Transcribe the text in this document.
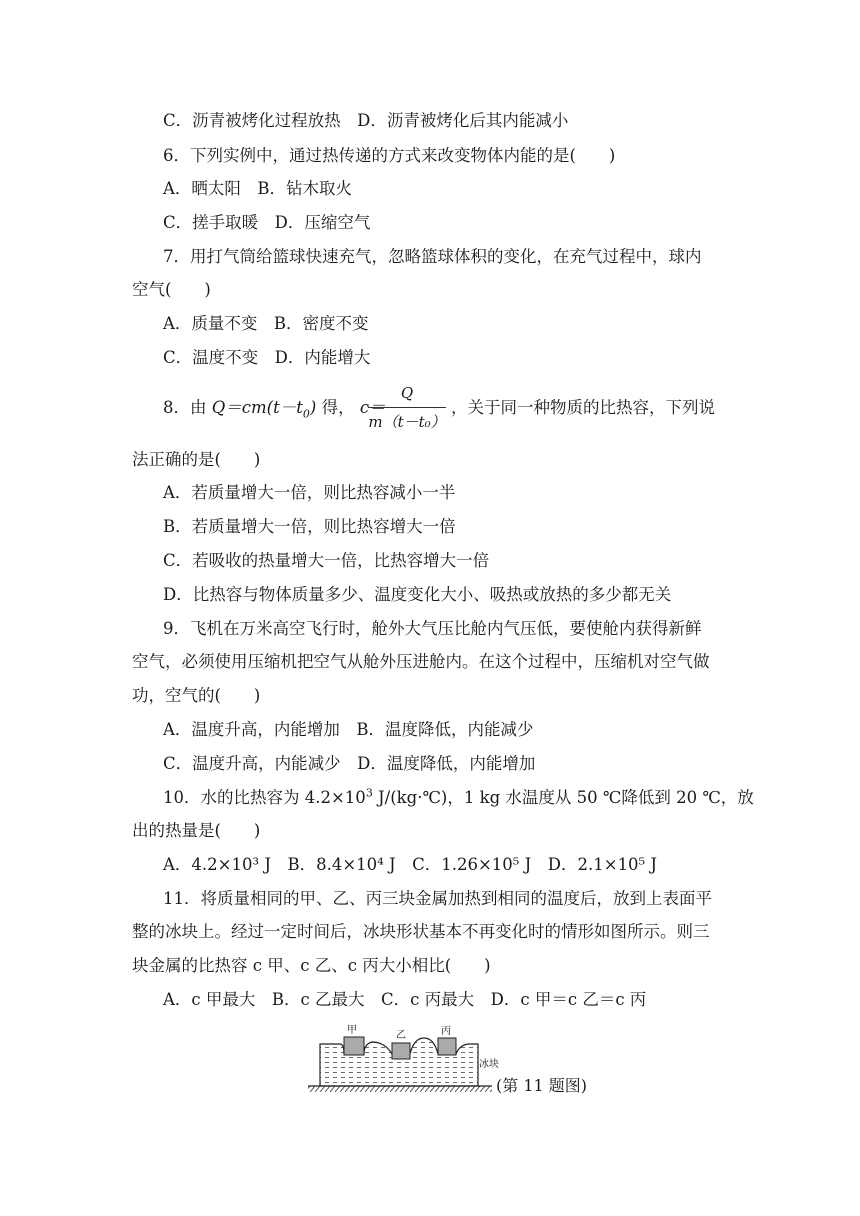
C．沥青被烤化过程放热　D．沥青被烤化后其内能减小
6．下列实例中，通过热传递的方式来改变物体内能的是(　　)
A．晒太阳　B．钻木取火
C．搓手取暖　D．压缩空气
7．用打气筒给篮球快速充气，忽略篮球体积的变化，在充气过程中，球内
空气(　　)
A．质量不变　B．密度不变
C．温度不变　D．内能增大
8．由 $Q=cm(t-t_0)$ 得， c＝
Q
m（t－t₀）
，关于同一种物质的比热容，下列说
法正确的是(　　)
A．若质量增大一倍，则比热容减小一半
B．若质量增大一倍，则比热容增大一倍
C．若吸收的热量增大一倍，比热容增大一倍
D．比热容与物体质量多少、温度变化大小、吸热或放热的多少都无关
9．飞机在万米高空飞行时，舱外大气压比舱内气压低，要使舱内获得新鲜
空气，必须使用压缩机把空气从舱外压进舱内。在这个过程中，压缩机对空气做
功，空气的(　　)
A．温度升高，内能增加　B．温度降低，内能减少
C．温度升高，内能减少　D．温度降低，内能增加
10．水的比热容为 $4.2\times 10^3$ J/(kg·℃)，1 kg 水温度从 50 ℃降低到 20 ℃，放
出的热量是(　　)
A．4.2×10³ J　B．8.4×10⁴ J　C．1.26×10⁵ J　D．2.1×10⁵ J
11．将质量相同的甲、乙、丙三块金属加热到相同的温度后，放到上表面平
整的冰块上。经过一定时间后，冰块形状基本不再变化时的情形如图所示。则三
块金属的比热容 c 甲、c 乙、c 丙大小相比(　　)
A．c 甲最大　B．c 乙最大　C．c 丙最大　D．c 甲＝c 乙＝c 丙
甲	乙	丙
冰块
(第 11 题图)
